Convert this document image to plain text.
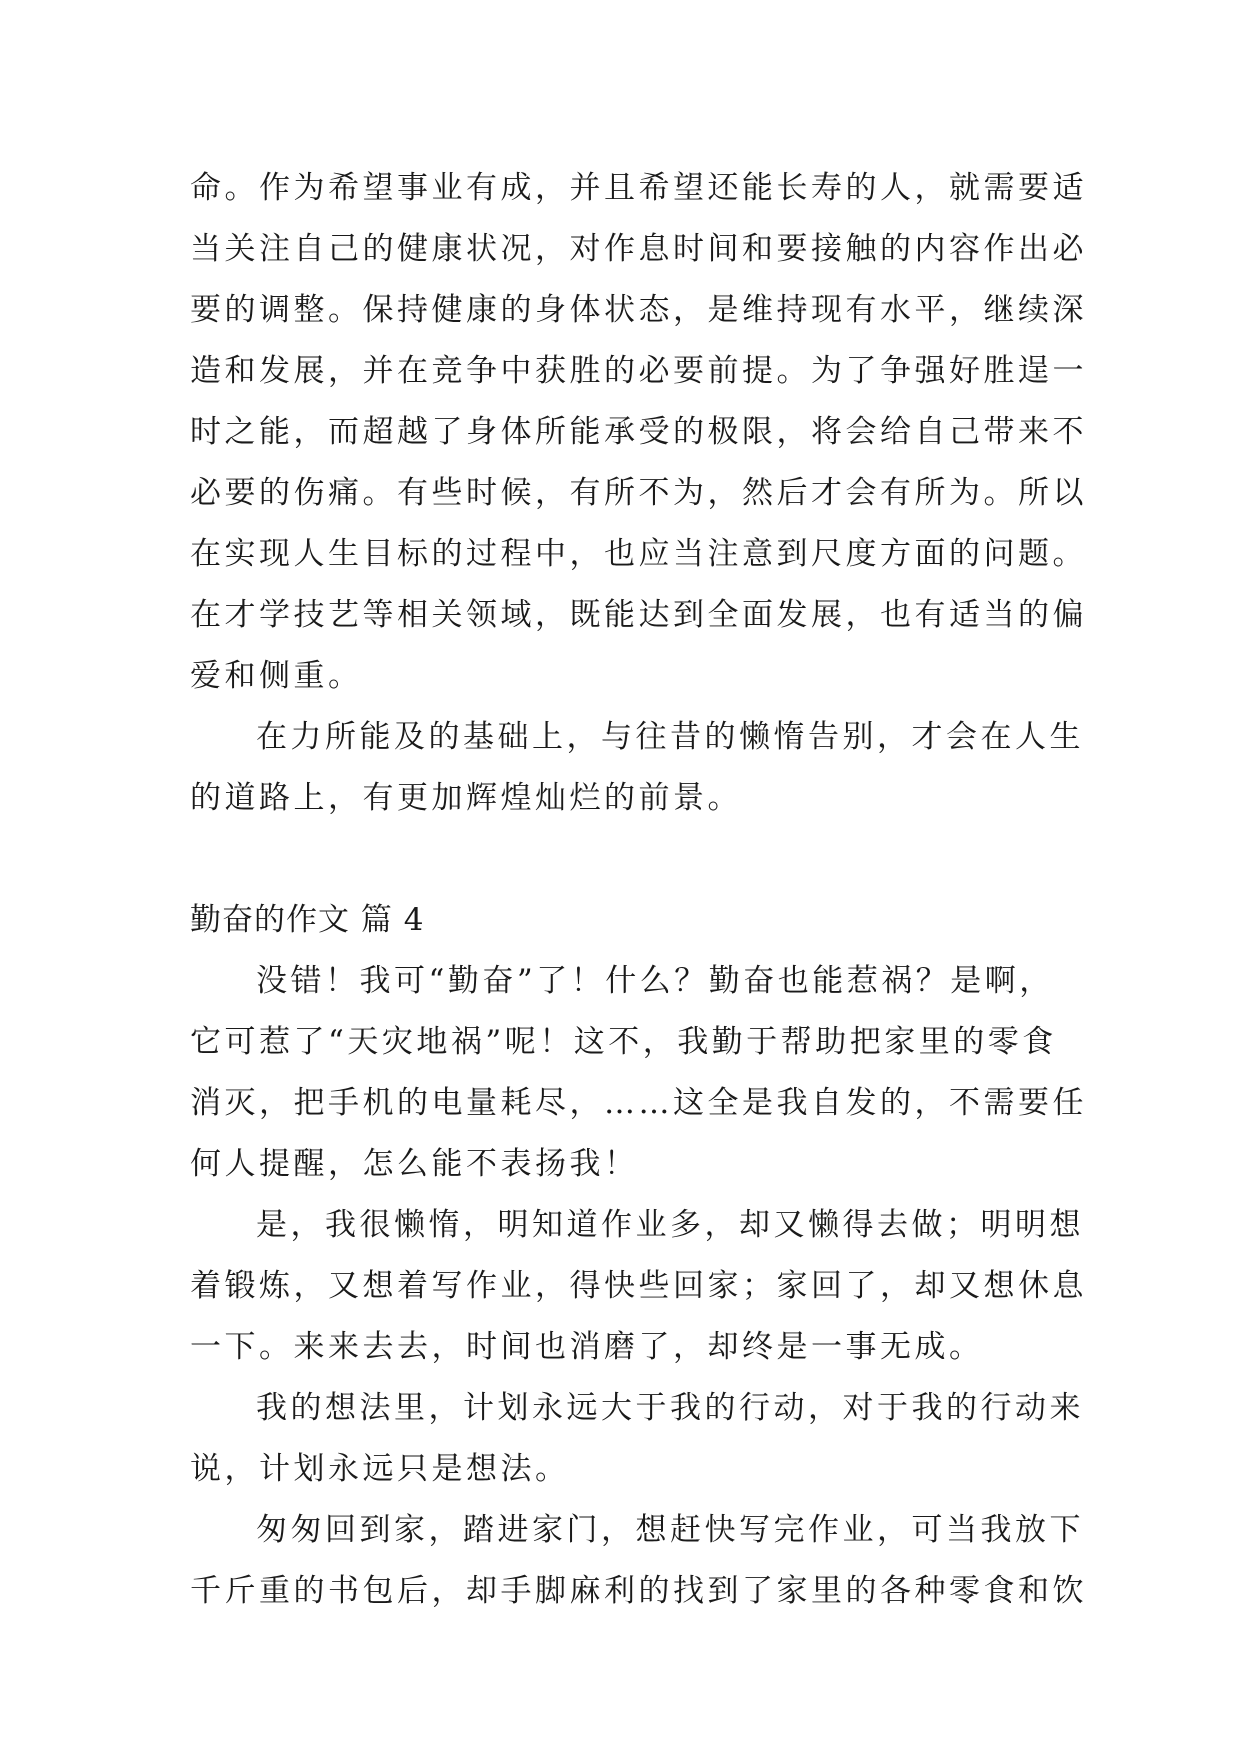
命。作为希望事业有成，并且希望还能长寿的人，就需要适
当关注自己的健康状况，对作息时间和要接触的内容作出必
要的调整。保持健康的身体状态，是维持现有水平，继续深
造和发展，并在竞争中获胜的必要前提。为了争强好胜逞一
时之能，而超越了身体所能承受的极限，将会给自己带来不
必要的伤痛。有些时候，有所不为，然后才会有所为。所以
在实现人生目标的过程中，也应当注意到尺度方面的问题。
在才学技艺等相关领域，既能达到全面发展，也有适当的偏
爱和侧重。
在力所能及的基础上，与往昔的懒惰告别，才会在人生
的道路上，有更加辉煌灿烂的前景。
勤奋的作文 篇 4
没错！我可“勤奋”了！什么？勤奋也能惹祸？是啊，
它可惹了“天灾地祸”呢！这不，我勤于帮助把家里的零食
消灭，把手机的电量耗尽，……这全是我自发的，不需要任
何人提醒，怎么能不表扬我！
是，我很懒惰，明知道作业多，却又懒得去做；明明想
着锻炼，又想着写作业，得快些回家；家回了，却又想休息
一下。来来去去，时间也消磨了，却终是一事无成。
我的想法里，计划永远大于我的行动，对于我的行动来
说，计划永远只是想法。
匆匆回到家，踏进家门，想赶快写完作业，可当我放下
千斤重的书包后，却手脚麻利的找到了家里的各种零食和饮
